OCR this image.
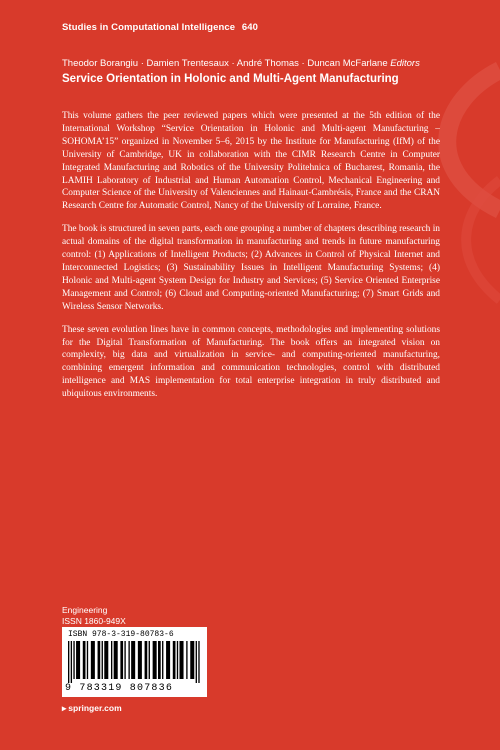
Studies in Computational Intelligence 640
Theodor Borangiu · Damien Trentesaux · André Thomas · Duncan McFarlane Editors
Service Orientation in Holonic and Multi-Agent Manufacturing

This volume gathers the peer reviewed papers which were presented at the 5th edition of the International Workshop “Service Orientation in Holonic and Multi-agent Manufacturing – SOHOMA’15” organized in November 5–6, 2015 by the Institute for Manufacturing (IfM) of the University of Cambridge, UK in collaboration with the CIMR Research Centre in Computer Integrated Manufacturing and Robotics of the University Politehnica of Bucharest, Romania, the LAMIH Laboratory of Industrial and Human Automation Control, Mechanical Engineering and Computer Science of the University of Valenciennes and Hainaut-Cambrésis, France and the CRAN Research Centre for Automatic Control, Nancy of the University of Lorraine, France.

The book is structured in seven parts, each one grouping a number of chapters describing research in actual domains of the digital transformation in manufacturing and trends in future manufacturing control: (1) Applications of Intelligent Products; (2) Advances in Control of Physical Internet and Interconnected Logistics; (3) Sustainability Issues in Intelligent Manufacturing Systems; (4) Holonic and Multi-agent System Design for Industry and Services; (5) Service Oriented Enterprise Management and Control; (6) Cloud and Computing-oriented Manufacturing; (7) Smart Grids and Wireless Sensor Networks.

These seven evolution lines have in common concepts, methodologies and implementing solutions for the Digital Transformation of Manufacturing. The book offers an integrated vision on complexity, big data and virtualization in service- and computing-oriented manufacturing, combining emergent information and communication technologies, control with distributed intelligence and MAS implementation for total enterprise integration in truly distributed and ubiquitous environments.

Engineering
ISSN 1860-949X
ISBN 978-3-319-80783-6
9 783319 807836
▸ springer.com
